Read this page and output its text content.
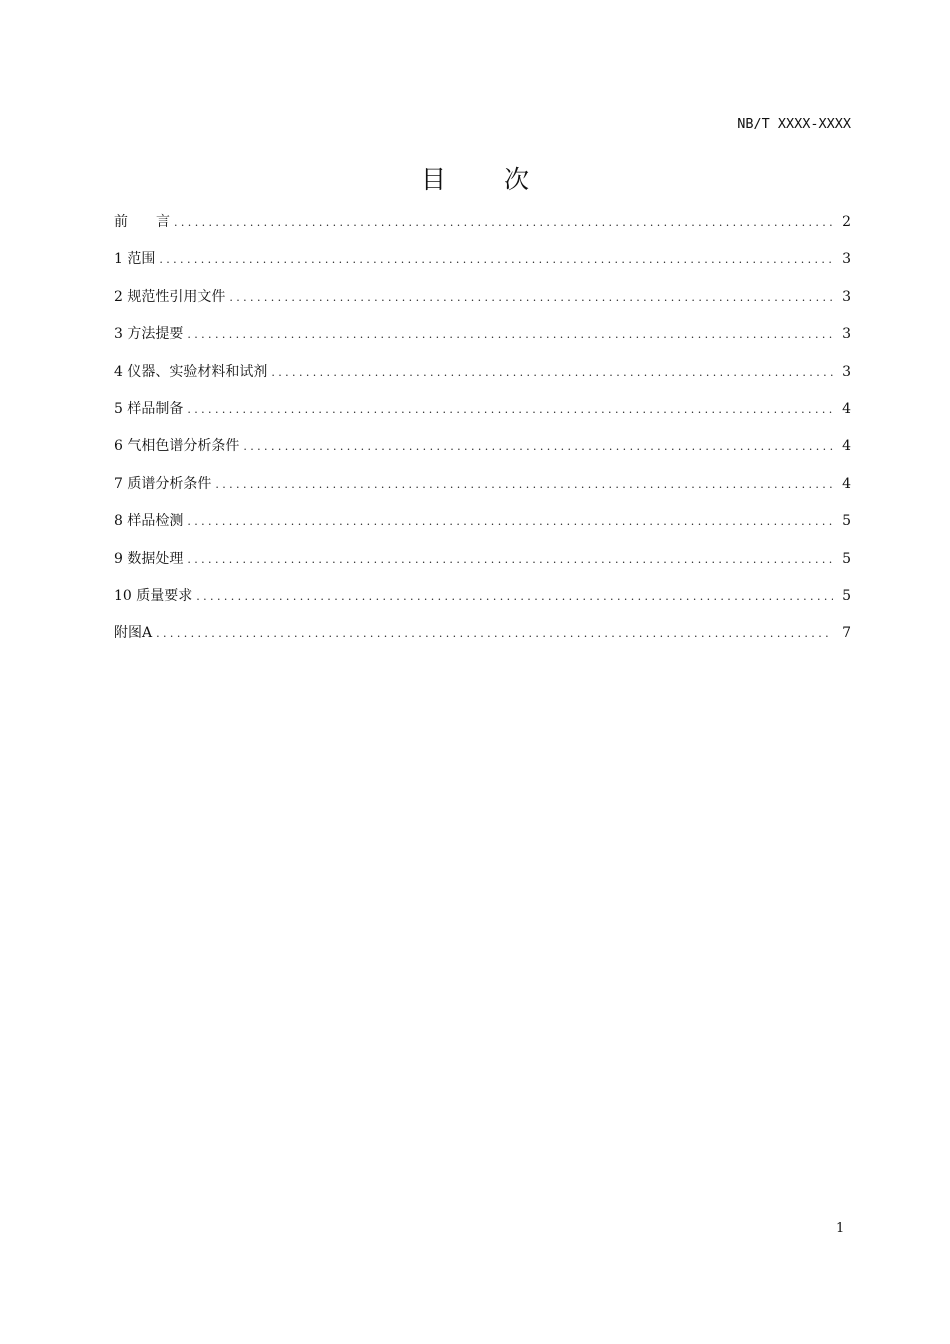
NB/T XXXX-XXXX
目次
前　　言 .....	2
1 范围 .....	3
2 规范性引用文件 .....	3
3 方法提要 .....	3
4 仪器、实验材料和试剂 .....	3
5 样品制备 .....	4
6 气相色谱分析条件 .....	4
7 质谱分析条件 .....	4
8 样品检测 .....	5
9 数据处理 .....	5
10 质量要求 .....	5
附图A .....	7
1
